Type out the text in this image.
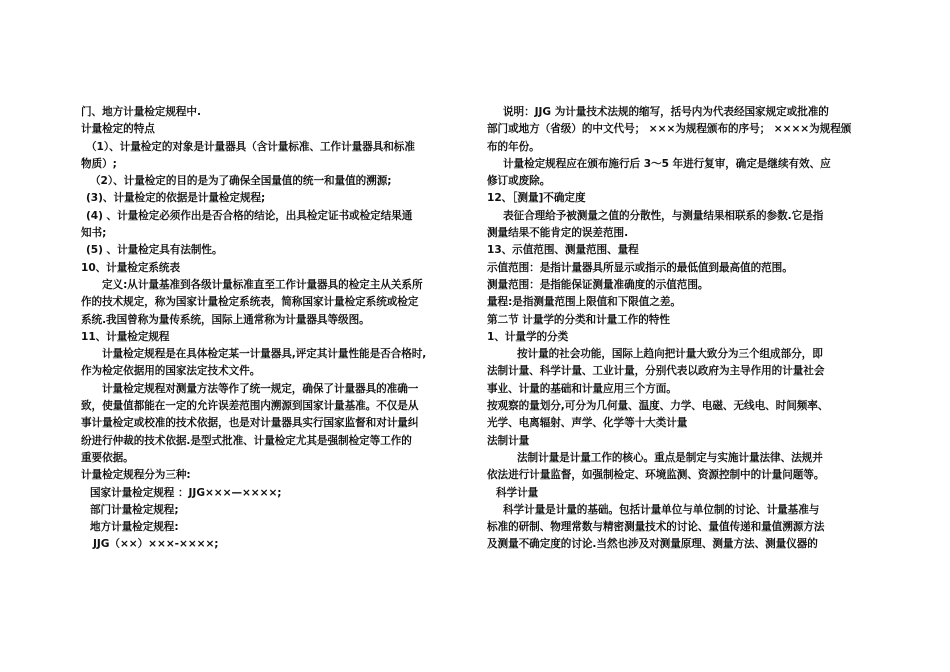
门、地方计量检定规程中.
计量检定的特点
（1）、计量检定的对象是计量器具（含计量标准、工作计量器具和标准
物质）;
（2）、计量检定的目的是为了确保全国量值的统一和量值的溯源;
(3)、计量检定的依据是计量检定规程;
(4) 、计量检定必须作出是否合格的结论，出具检定证书或检定结果通
知书;
(5) 、计量检定具有法制性。
10、计量检定系统表
定义:从计量基准到各级计量标准直至工作计量器具的检定主从关系所
作的技术规定，称为国家计量检定系统表，简称国家计量检定系统或检定
系统.我国曾称为量传系统，国际上通常称为计量器具等级图。
11、计量检定规程
计量检定规程是在具体检定某一计量器具,评定其计量性能是否合格时,
作为检定依据用的国家法定技术文件。
计量检定规程对测量方法等作了统一规定，确保了计量器具的准确一
致，使量值都能在一定的允许误差范围内溯源到国家计量基准。不仅是从
事计量检定或校准的技术依据，也是对计量器具实行国家监督和对计量纠
纷进行仲裁的技术依据.是型式批准、计量检定尤其是强制检定等工作的
重要依据。
计量检定规程分为三种:
国家计量检定规程 ：JJG×××—××××;
部门计量检定规程;
地方计量检定规程:
JJG（××）×××-××××;
说明：JJG 为计量技术法规的缩写，括号内为代表经国家规定或批准的
部门或地方（省级）的中文代号； ×××为规程颁布的序号； ××××为规程颁
布的年份。
计量检定规程应在颁布施行后 3～5 年进行复审，确定是继续有效、应
修订或废除。
12、［测量]不确定度
表征合理给予被测量之值的分散性，与测量结果相联系的参数.它是指
测量结果不能肯定的误差范围.
13、示值范围、测量范围、量程
示值范围：是指计量器具所显示或指示的最低值到最高值的范围。
测量范围：是指能保证测量准确度的示值范围。
量程:是指测量范围上限值和下限值之差。
第二节 计量学的分类和计量工作的特性
1、计量学的分类
按计量的社会功能，国际上趋向把计量大致分为三个组成部分，即
法制计量、科学计量、工业计量，分别代表以政府为主导作用的计量社会
事业、计量的基础和计量应用三个方面。
按观察的量划分,可分为几何量、温度、力学、电磁、无线电、时间频率、
光学、电离辐射、声学、化学等十大类计量
法制计量
法制计量是计量工作的核心。重点是制定与实施计量法律、法规并
依法进行计量监督，如强制检定、环境监测、资源控制中的计量问题等。
科学计量
科学计量是计量的基础。包括计量单位与单位制的讨论、计量基准与
标准的研制、物理常数与精密测量技术的讨论、量值传递和量值溯源方法
及测量不确定度的讨论.当然也涉及对测量原理、测量方法、测量仪器的
